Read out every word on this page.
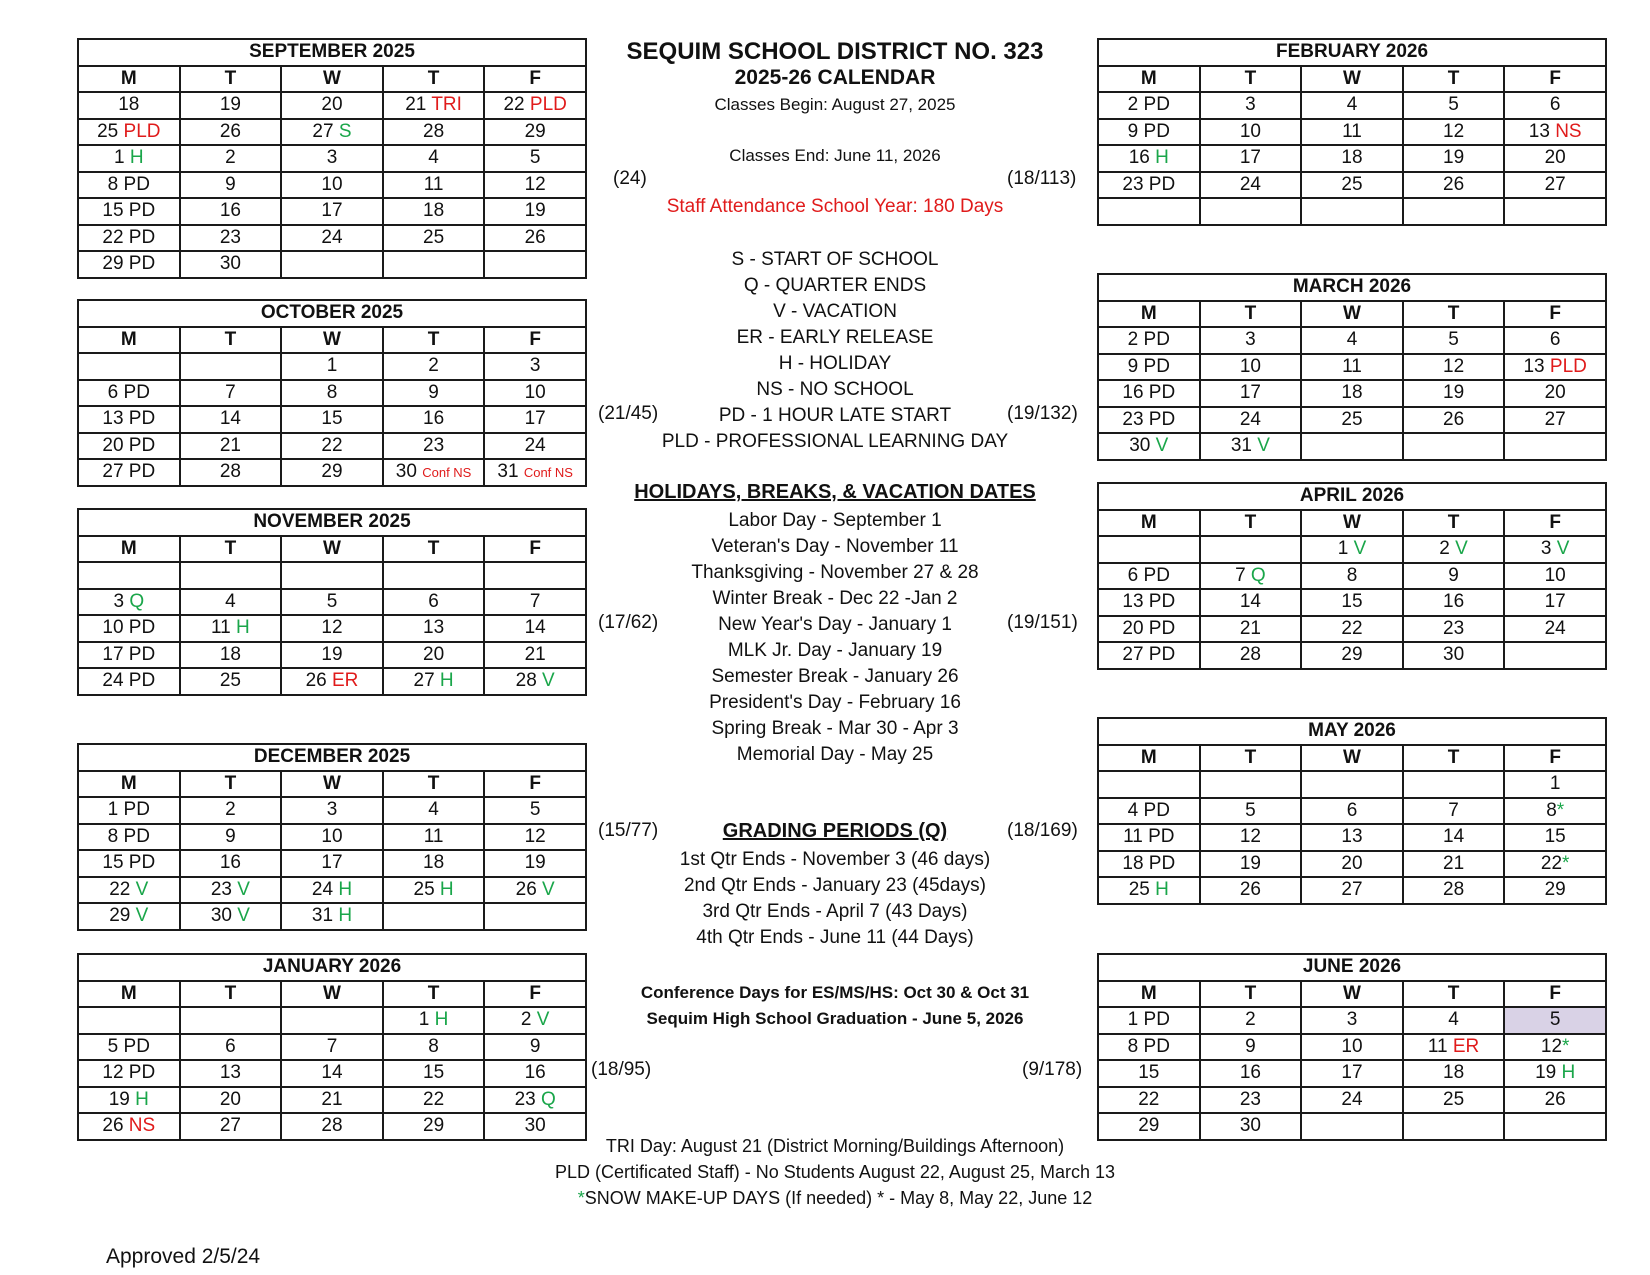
SEPTEMBER 2025				
M	T	W	T	F
18	19	20	21 TRI	22 PLD
25 PLD	26	27 S	28	29
1 H	2	3	4	5
8 PD	9	10	11	12
15 PD	16	17	18	19
22 PD	23	24	25	26
29 PD	30			
OCTOBER 2025				
M	T	W	T	F
		1	2	3
6 PD	7	8	9	10
13 PD	14	15	16	17
20 PD	21	22	23	24
27 PD	28	29	30 Conf NS	31 Conf NS
NOVEMBER 2025				
M	T	W	T	F

3 Q	4	5	6	7
10 PD	11 H	12	13	14
17 PD	18	19	20	21
24 PD	25	26 ER	27 H	28 V
DECEMBER 2025				
M	T	W	T	F
1 PD	2	3	4	5
8 PD	9	10	11	12
15 PD	16	17	18	19
22 V	23 V	24 H	25 H	26 V
29 V	30 V	31 H		
JANUARY 2026				
M	T	W	T	F
			1 H	2 V
5 PD	6	7	8	9
12 PD	13	14	15	16
19 H	20	21	22	23 Q
26 NS	27	28	29	30
FEBRUARY 2026				
M	T	W	T	F
2 PD	3	4	5	6
9 PD	10	11	12	13 NS
16 H	17	18	19	20
23 PD	24	25	26	27

MARCH 2026				
M	T	W	T	F
2 PD	3	4	5	6
9 PD	10	11	12	13 PLD
16 PD	17	18	19	20
23 PD	24	25	26	27
30 V	31 V			
APRIL 2026				
M	T	W	T	F
		1 V	2 V	3 V
6 PD	7 Q	8	9	10
13 PD	14	15	16	17
20 PD	21	22	23	24
27 PD	28	29	30	
MAY 2026				
M	T	W	T	F
				1
4 PD	5	6	7	8*
11 PD	12	13	14	15
18 PD	19	20	21	22*
25 H	26	27	28	29
JUNE 2026				
M	T	W	T	F
1 PD	2	3	4	5
8 PD	9	10	11 ER	12*
15	16	17	18	19 H
22	23	24	25	26
29	30			
SEQUIM SCHOOL DISTRICT NO. 323
2025-26 CALENDAR
Classes Begin: August 27, 2025
Classes End: June 11, 2026
Staff Attendance School Year: 180 Days
S - START OF SCHOOL
Q - QUARTER ENDS
V - VACATION
ER - EARLY RELEASE
H - HOLIDAY
NS - NO SCHOOL
PD - 1 HOUR LATE START
PLD - PROFESSIONAL LEARNING DAY
HOLIDAYS, BREAKS, & VACATION DATES
Labor Day - September 1
Veteran's Day - November 11
Thanksgiving - November 27 & 28
Winter Break - Dec 22 -Jan 2
New Year's Day - January 1
MLK Jr. Day - January 19
Semester Break - January 26
President's Day - February 16
Spring Break - Mar 30 - Apr 3
Memorial Day - May 25
GRADING PERIODS (Q)
1st Qtr Ends - November 3 (46 days)
2nd Qtr Ends - January 23 (45days)
3rd Qtr Ends - April 7 (43 Days)
4th Qtr Ends - June 11 (44 Days)
Conference Days for ES/MS/HS: Oct 30 & Oct 31
Sequim High School Graduation - June 5, 2026
TRI Day: August 21 (District Morning/Buildings Afternoon)
PLD (Certificated Staff) - No Students August 22, August 25, March 13
*SNOW MAKE-UP DAYS (If needed) * - May 8, May 22, June 12
Approved 2/5/24
(24)
(21/45)
(17/62)
(15/77)
(18/95)
(18/113)
(19/132)
(19/151)
(18/169)
(9/178)
